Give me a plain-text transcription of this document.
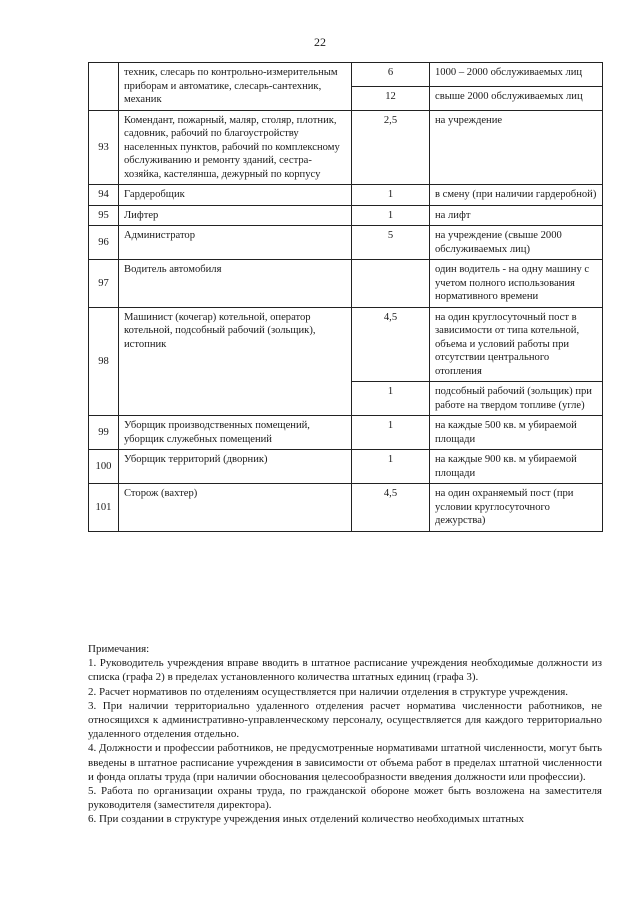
22
	техник, слесарь по контрольно-измерительным приборам и автоматике, слесарь-сантехник, механик	6	1000 – 2000 обслуживаемых лиц
		12	свыше 2000 обслуживаемых лиц
93	Комендант, пожарный, маляр, столяр, плотник, садовник, рабочий по благоустройству населенных пунктов, рабочий по комплексному обслуживанию и ремонту зданий, сестра-хозяйка, кастелянша, дежурный по корпусу	2,5	на учреждение
94	Гардеробщик	1	в смену (при наличии гардеробной)
95	Лифтер	1	на лифт
96	Администратор	5	на учреждение (свыше 2000 обслуживаемых лиц)
97	Водитель автомобиля		один водитель - на одну машину с учетом полного использования нормативного времени
98	Машинист (кочегар) котельной, оператор котельной, подсобный рабочий (зольщик), истопник	4,5	на один круглосуточный пост в зависимости от типа котельной, объема и условий работы при отсутствии центрального отопления
		1	подсобный рабочий (зольщик) при работе на твердом топливе (угле)
99	Уборщик производственных помещений, уборщик служебных помещений	1	на каждые 500 кв. м убираемой площади
100	Уборщик территорий (дворник)	1	на каждые 900 кв. м убираемой площади
101	Сторож (вахтер)	4,5	на один охраняемый пост (при условии круглосуточного дежурства)

Примечания:

1. Руководитель учреждения вправе вводить в штатное расписание учреждения необходимые должности из списка (графа 2) в пределах установленного количества штатных единиц (графа 3).

2. Расчет нормативов по отделениям осуществляется при наличии отделения в структуре учреждения.

3. При наличии территориально удаленного отделения расчет норматива численности работников, не относящихся к административно-управленческому персоналу, осуществляется для каждого территориально удаленного отделения отдельно.

4. Должности и профессии работников, не предусмотренные нормативами штатной численности, могут быть введены в штатное расписание учреждения в зависимости от объема работ в пределах штатной численности и фонда оплаты труда (при наличии обоснования целесообразности введения должности или профессии).

5. Работа по организации охраны труда, по гражданской обороне может быть возложена на заместителя руководителя (заместителя директора).

6. При создании в структуре учреждения иных отделений количество необходимых штатных
